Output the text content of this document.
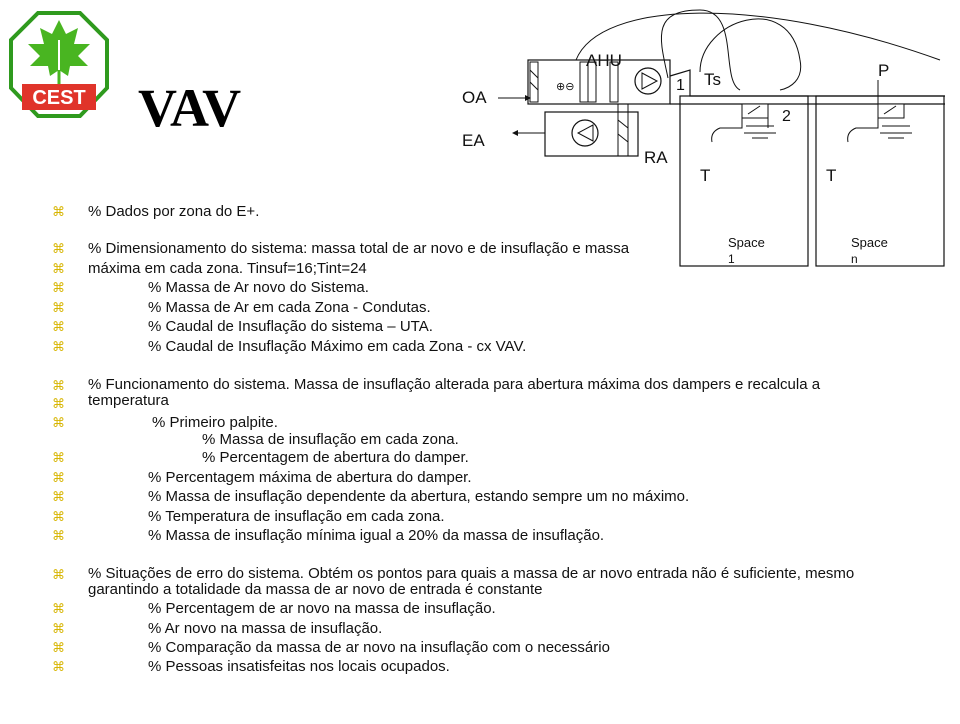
CEST VAV	OA
EA
AHU
RA
1 Ts
2
P
T	T
⊕⊖
Space
1
Space
n
⌘ % Dados por zona do E+.
⌘ % Dimensionamento do sistema: massa total de ar novo e de insuflação e massa
⌘ máxima em cada zona. Tinsuf=16;Tint=24
⌘	% Massa de Ar novo do Sistema.
⌘	% Massa de Ar em cada Zona - Condutas.
⌘	% Caudal de Insuflação do sistema – UTA.
⌘	% Caudal de Insuflação Máximo em cada Zona - cx VAV.
⌘
⌘
% Funcionamento do sistema. Massa de insuflação alterada para abertura máxima dos dampers e recalcula a temperatura
⌘	% Primeiro palpite.
% Massa de insuflação em cada zona.
⌘	% Percentagem de abertura do damper.
⌘	% Percentagem máxima de abertura do damper.
⌘	% Massa de insuflação dependente da abertura, estando sempre um no máximo.
⌘	% Temperatura de insuflação em cada zona.
⌘	% Massa de insuflação mínima igual a 20% da massa de insuflação.
⌘ % Situações de erro do sistema. Obtém os pontos para quais a massa de ar novo entrada não é suficiente, mesmo garantindo a totalidade da massa de ar novo de entrada é constante
⌘	% Percentagem de ar novo na massa de insuflação.
⌘	% Ar novo na massa de insuflação.
⌘	% Comparação da massa de ar novo na insuflação com o necessário
⌘	% Pessoas insatisfeitas nos locais ocupados.
